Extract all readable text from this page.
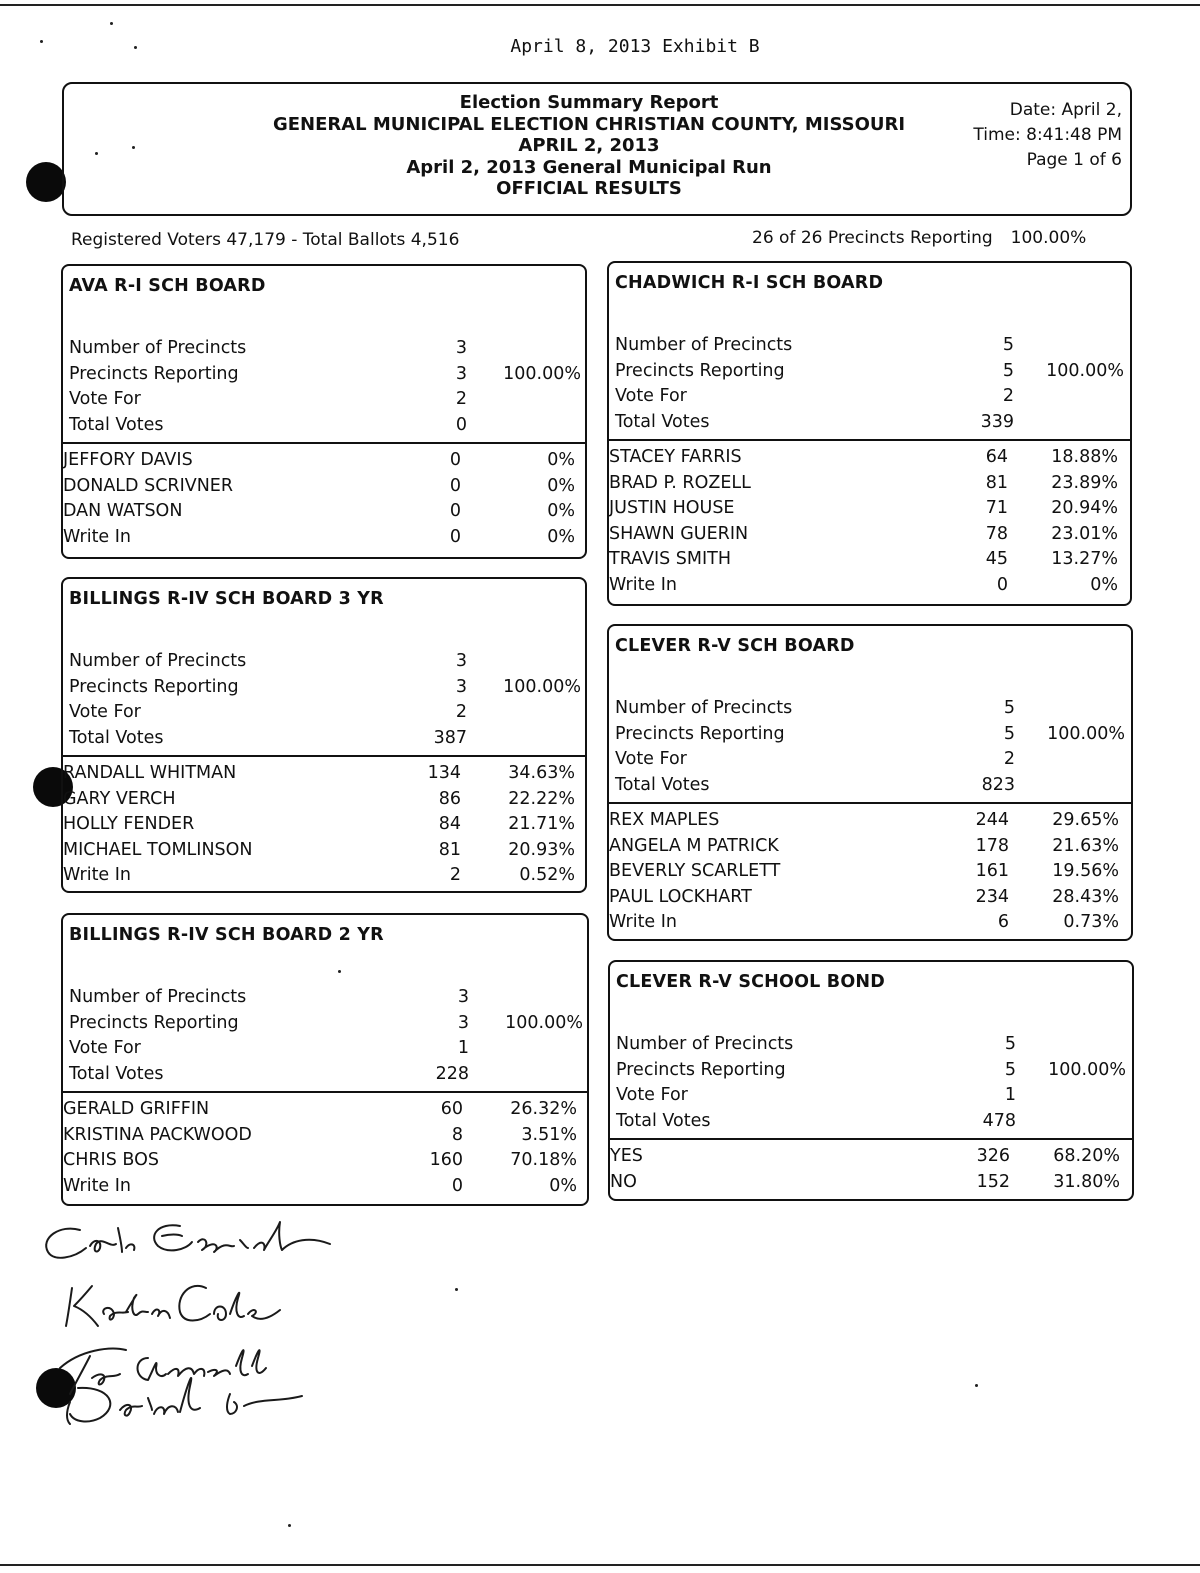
April 8, 2013 Exhibit B
Election Summary Report
GENERAL MUNICIPAL ELECTION CHRISTIAN COUNTY, MISSOURI
APRIL 2, 2013
April 2, 2013 General Municipal Run
OFFICIAL RESULTS
Date: April 2,
Time: 8:41:48 PM
Page 1 of 6
Registered Voters 47,179 - Total Ballots 4,516	26 of 26 Precincts Reporting 100.00%
AVA R-I SCH BOARD
Number of Precincts	3
Precincts Reporting	3	100.00%
Vote For	2
Total Votes	0
JEFFORY DAVIS	0	0%
DONALD SCRIVNER	0	0%
DAN WATSON	0	0%
Write In	0	0%
BILLINGS R-IV SCH BOARD 3 YR
Number of Precincts	3
Precincts Reporting	3	100.00%
Vote For	2
Total Votes	387
RANDALL WHITMAN	134	34.63%
GARY VERCH	86	22.22%
HOLLY FENDER	84	21.71%
MICHAEL TOMLINSON	81	20.93%
Write In	2	0.52%
BILLINGS R-IV SCH BOARD 2 YR
Number of Precincts	3
Precincts Reporting	3	100.00%
Vote For	1
Total Votes	228
GERALD GRIFFIN	60	26.32%
KRISTINA PACKWOOD	8	3.51%
CHRIS BOS	160	70.18%
Write In	0	0%
CHADWICH R-I SCH BOARD
Number of Precincts	5
Precincts Reporting	5	100.00%
Vote For	2
Total Votes	339
STACEY FARRIS	64	18.88%
BRAD P. ROZELL	81	23.89%
JUSTIN HOUSE	71	20.94%
SHAWN GUERIN	78	23.01%
TRAVIS SMITH	45	13.27%
Write In	0	0%
CLEVER R-V SCH BOARD
Number of Precincts	5
Precincts Reporting	5	100.00%
Vote For	2
Total Votes	823
REX MAPLES	244	29.65%
ANGELA M PATRICK	178	21.63%
BEVERLY SCARLETT	161	19.56%
PAUL LOCKHART	234	28.43%
Write In	6	0.73%
CLEVER R-V SCHOOL BOND
Number of Precincts	5
Precincts Reporting	5	100.00%
Vote For	1
Total Votes	478
YES	326	68.20%
NO	152	31.80%
